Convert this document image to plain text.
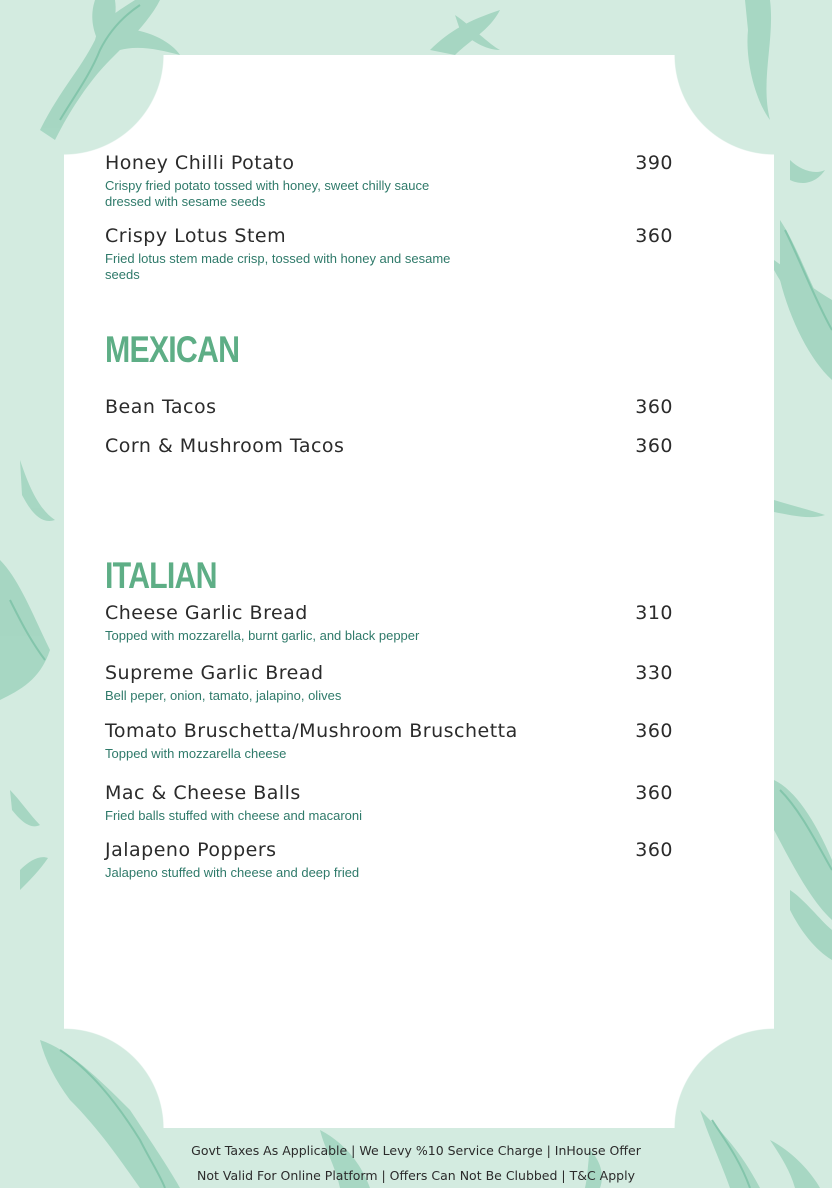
Honey Chilli Potato	390
Crispy fried potato tossed with honey, sweet chilly sauce dressed with sesame seeds
Crispy Lotus Stem	360
Fried lotus stem made crisp, tossed with honey and sesame seeds
MEXICAN
Bean Tacos	360
Corn & Mushroom Tacos	360
ITALIAN
Cheese Garlic Bread	310
Topped with mozzarella, burnt garlic, and black pepper
Supreme Garlic Bread	330
Bell peper, onion, tamato, jalapino, olives
Tomato Bruschetta/Mushroom Bruschetta	360
Topped with mozzarella cheese
Mac & Cheese Balls	360
Fried balls stuffed with cheese and macaroni
Jalapeno Poppers	360
Jalapeno stuffed with cheese and deep fried
Govt Taxes As Applicable | We Levy %10 Service Charge | InHouse Offer
Not Valid For Online Platform | Offers Can Not Be Clubbed | T&C Apply
